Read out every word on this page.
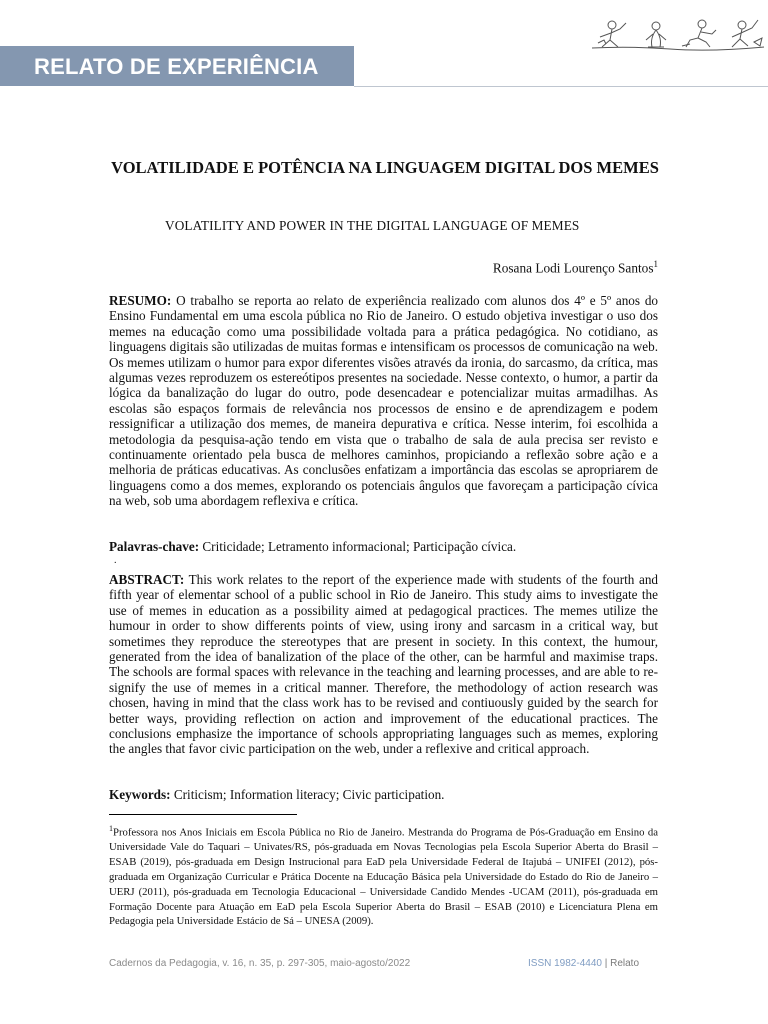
RELATO DE EXPERIÊNCIA
VOLATILIDADE E POTÊNCIA NA LINGUAGEM DIGITAL DOS MEMES
VOLATILITY AND POWER IN THE DIGITAL LANGUAGE OF MEMES
Rosana Lodi Lourenço Santos$^1$
RESUMO: O trabalho se reporta ao relato de experiência realizado com alunos dos 4º e 5º anos do Ensino Fundamental em uma escola pública no Rio de Janeiro. O estudo objetiva investigar o uso dos memes na educação como uma possibilidade voltada para a prática pedagógica. No cotidiano, as linguagens digitais são utilizadas de muitas formas e intensificam os processos de comunicação na web. Os memes utilizam o humor para expor diferentes visões através da ironia, do sarcasmo, da crítica, mas algumas vezes reproduzem os estereótipos presentes na sociedade. Nesse contexto, o humor, a partir da lógica da banalização do lugar do outro, pode desencadear e potencializar muitas armadilhas. As escolas são espaços formais de relevância nos processos de ensino e de aprendizagem e podem ressignificar a utilização dos memes, de maneira depurativa e crítica. Nesse interim, foi escolhida a metodologia da pesquisa-ação tendo em vista que o trabalho de sala de aula precisa ser revisto e continuamente orientado pela busca de melhores caminhos, propiciando a reflexão sobre ação e a melhoria de práticas educativas. As conclusões enfatizam a importância das escolas se apropriarem de linguagens como a dos memes, explorando os potenciais ângulos que favoreçam a participação cívica na web, sob uma abordagem reflexiva e crítica.
Palavras-chave: Criticidade; Letramento informacional; Participação cívica.
.
ABSTRACT: This work relates to the report of the experience made with students of the fourth and fifth year of elementar school of a public school in Rio de Janeiro. This study aims to investigate the use of memes in education as a possibility aimed at pedagogical practices. The memes utilize the humour in order to show differents points of view, using irony and sarcasm in a critical way, but sometimes they reproduce the stereotypes that are present in society. In this context, the humour, generated from the idea of banalization of the place of the other, can be harmful and maximise traps. The schools are formal spaces with relevance in the teaching and learning processes, and are able to re-signify the use of memes in a critical manner. Therefore, the methodology of action research was chosen, having in mind that the class work has to be revised and contiuously guided by the search for better ways, providing reflection on action and improvement of the educational practices. The conclusions emphasize the importance of schools appropriating languages such as memes, exploring the angles that favor civic participation on the web, under a reflexive and critical approach.
Keywords: Criticism; Information literacy; Civic participation.
$^1$Professora nos Anos Iniciais em Escola Pública no Rio de Janeiro. Mestranda do Programa de Pós-Graduação em Ensino da Universidade Vale do Taquari – Univates/RS, pós-graduada em Novas Tecnologias pela Escola Superior Aberta do Brasil – ESAB (2019), pós-graduada em Design Instrucional para EaD pela Universidade Federal de Itajubá – UNIFEI (2012), pós-graduada em Organização Curricular e Prática Docente na Educação Básica pela Universidade do Estado do Rio de Janeiro – UERJ (2011), pós-graduada em Tecnologia Educacional – Universidade Candido Mendes -UCAM (2011), pós-graduada em Formação Docente para Atuação em EaD pela Escola Superior Aberta do Brasil – ESAB (2010) e Licenciatura Plena em Pedagogia pela Universidade Estácio de Sá – UNESA (2009).
Cadernos da Pedagogia, v. 16, n. 35, p. 297-305, maio-agosto/2022	ISSN 1982-4440 | Relato
